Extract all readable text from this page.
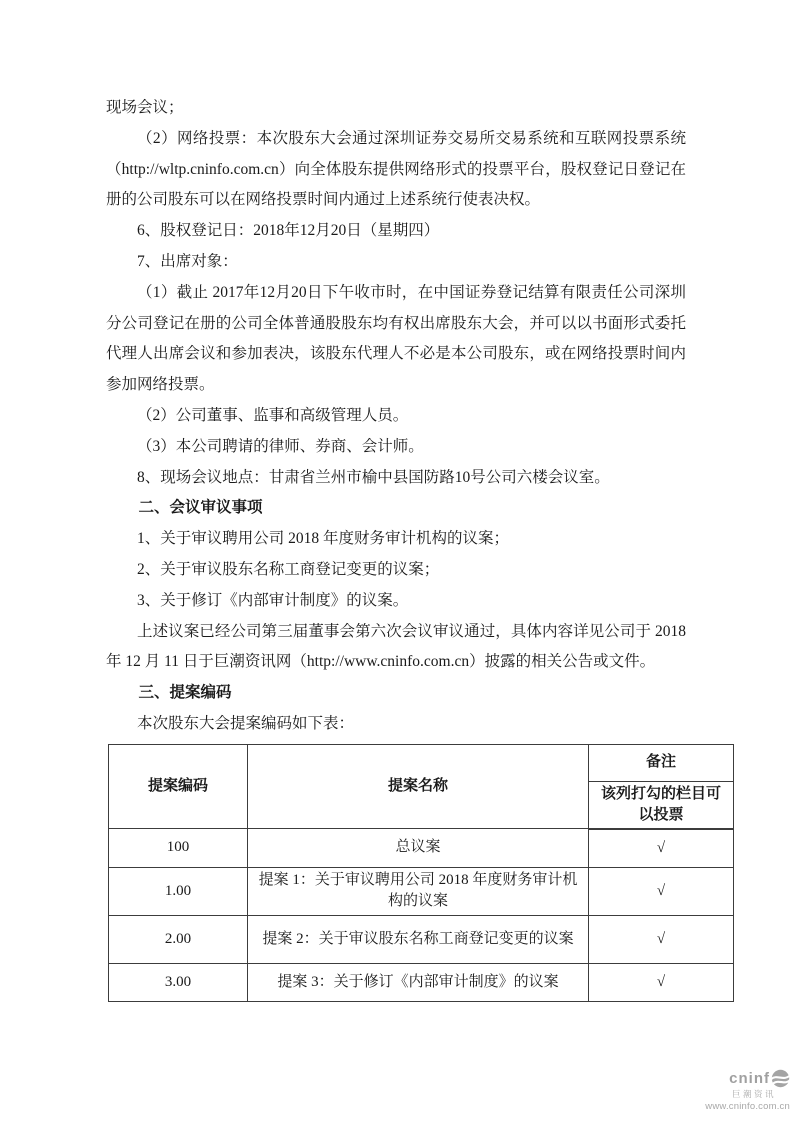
现场会议；

（2）网络投票：本次股东大会通过深圳证券交易所交易系统和互联网投票系统（http://wltp.cninfo.com.cn）向全体股东提供网络形式的投票平台，股权登记日登记在册的公司股东可以在网络投票时间内通过上述系统行使表决权。

6、股权登记日：2018年12月20日（星期四）

7、出席对象：

（1）截止 2017年12月20日下午收市时，在中国证券登记结算有限责任公司深圳分公司登记在册的公司全体普通股股东均有权出席股东大会，并可以以书面形式委托代理人出席会议和参加表决，该股东代理人不必是本公司股东，或在网络投票时间内参加网络投票。

（2）公司董事、监事和高级管理人员。

（3）本公司聘请的律师、券商、会计师。

8、现场会议地点：甘肃省兰州市榆中县国防路10号公司六楼会议室。

二、会议审议事项

1、关于审议聘用公司 2018 年度财务审计机构的议案；

2、关于审议股东名称工商登记变更的议案；

3、关于修订《内部审计制度》的议案。

上述议案已经公司第三届董事会第六次会议审议通过，具体内容详见公司于 2018 年 12 月 11 日于巨潮资讯网（http://www.cninfo.com.cn）披露的相关公告或文件。

三、提案编码

本次股东大会提案编码如下表：

提案编码	提案名称	备注
		该列打勾的栏目可以投票
100	总议案	√
1.00	提案 1：关于审议聘用公司 2018 年度财务审计机构的议案	√
2.00	提案 2：关于审议股东名称工商登记变更的议案	√
3.00	提案 3：关于修订《内部审计制度》的议案	√
cninf
巨潮资讯
www.cninfo.com.cn
